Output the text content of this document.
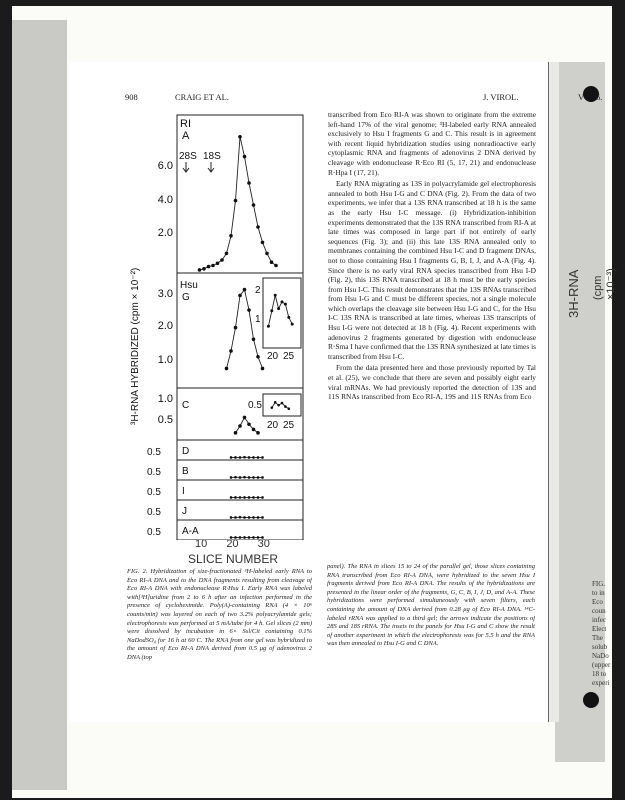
908	CRAIG ET AL.	J. VIROL.	V 6.
³H-RNA HYBRIDIZED (cpm × 10⁻²)
RI
A
28S 18S
Hsu
G
C
6.0
4.0
2.0
3.0
2.0
1.0
1.0
0.5
2
1
20 25
0.5
20 25
0.5 D
0.5 B
0.5 I
0.5 J
0.5 A-A
10 20 30
SLICE NUMBER

FIG. 2. Hybridization of size-fractionated ³H-labeled early RNA to Eco RI-A DNA and to the DNA fragments resulting from cleavage of Eco RI-A DNA with endonuclease R·Hsu I. Early RNA was labeled with[³H]uridine from 2 to 6 h after an infection performed in the presence of cycloheximide. Poly(A)-containing RNA (4 × 10⁶ counts/min) was layered on each of two 3.2% polyacrylamide gels; electrophoresis was performed at 5 mA/tube for 4 h. Gel slices (2 mm) were dissolved by incubation in 6× Ssl/Cit containing 0.1% NaDodSO₄ for 16 h at 60 C. The RNA from one gel was hybridized to the amount of Eco RI-A DNA derived from 0.5 μg of adenovirus 2 DNA (top

panel). The RNA in slices 15 to 24 of the parallel gel, those slices containing RNA transcribed from Eco RI-A DNA, were hybridized to the seven Hsu I fragments derived from Eco RI-A DNA. The results of the hybridizations are presented in the linear order of the fragments, G, C, B, I, J, D, and A-A. These hybridizations were performed simultaneously with seven filters, each containing the amount of DNA derived from 0.28 μg of Eco RI-A DNA. ¹⁴C-labeled rRNA was applied to a third gel; the arrows indicate the positions of 28S and 18S rRNA. The insets in the panels for Hsu I-G and C show the result of another experiment in which the electrophoresis was for 5.5 h and the RNA was then annealed to Hsu I-G and C DNA.

transcribed from Eco RI-A was shown to originate from the extreme left-hand 17% of the viral genome; ³H-labeled early RNA annealed exclusively to Hsu I fragments G and C. This result is in agreement with recent liquid hybridization studies using nonradioactive early cytoplasmic RNA and fragments of adenovirus 2 DNA derived by cleavage with endonuclease R·Eco RI (5, 17, 21) and endonuclease R·Hpa I (17, 21).

Early RNA migrating as 13S in polyacrylamide gel electrophoresis annealed to both Hsu I-G and C DNA (Fig. 2). From the data of two experiments, we infer that a 13S RNA transcribed at 18 h is the same as the early Hsu I-C message. (i) Hybridization-inhibition experiments demonstrated that the 13S RNA transcribed from RI-A at late times was composed in large part if not entirely of early sequences (Fig. 3); and (ii) this late 13S RNA annealed only to membranes containing the combined Hsu I-C and D fragment DNAs, not to those containing Hsu I fragments G, B, I, J, and A-A (Fig. 4). Since there is no early viral RNA species transcribed from Hsu I-D (Fig. 2), this 13S RNA transcribed at 18 h must be the early species from Hsu I-C. This result demonstrates that the 13S RNAs transcribed from Hsu I-G and C must be different species, not a single molecule which overlaps the cleavage site between Hsu I-G and C, for the Hsu I-C 13S RNA is transcribed at late times, whereas 13S transcripts of Hsu I-G were not detected at 18 h (Fig. 4). Recent experiments with adenovirus 2 fragments generated by digestion with endonuclease R·Sma I have confirmed that the 13S RNA synthesized at late times is transcribed from Hsu I-C.

From the data presented here and those previously reported by Tal et al. (25), we conclude that there are seven and possibly eight early viral mRNAs. We had previously reported the detection of 13S and 11S RNAs transcribed from Eco RI-A, 19S and 11S RNAs from Eco

3H-RNA (cpm ×10⁻³)
FIG.
to in
Eco
coun
infec
Elect
The
solub
NaDo
(upper
18 to
experi
